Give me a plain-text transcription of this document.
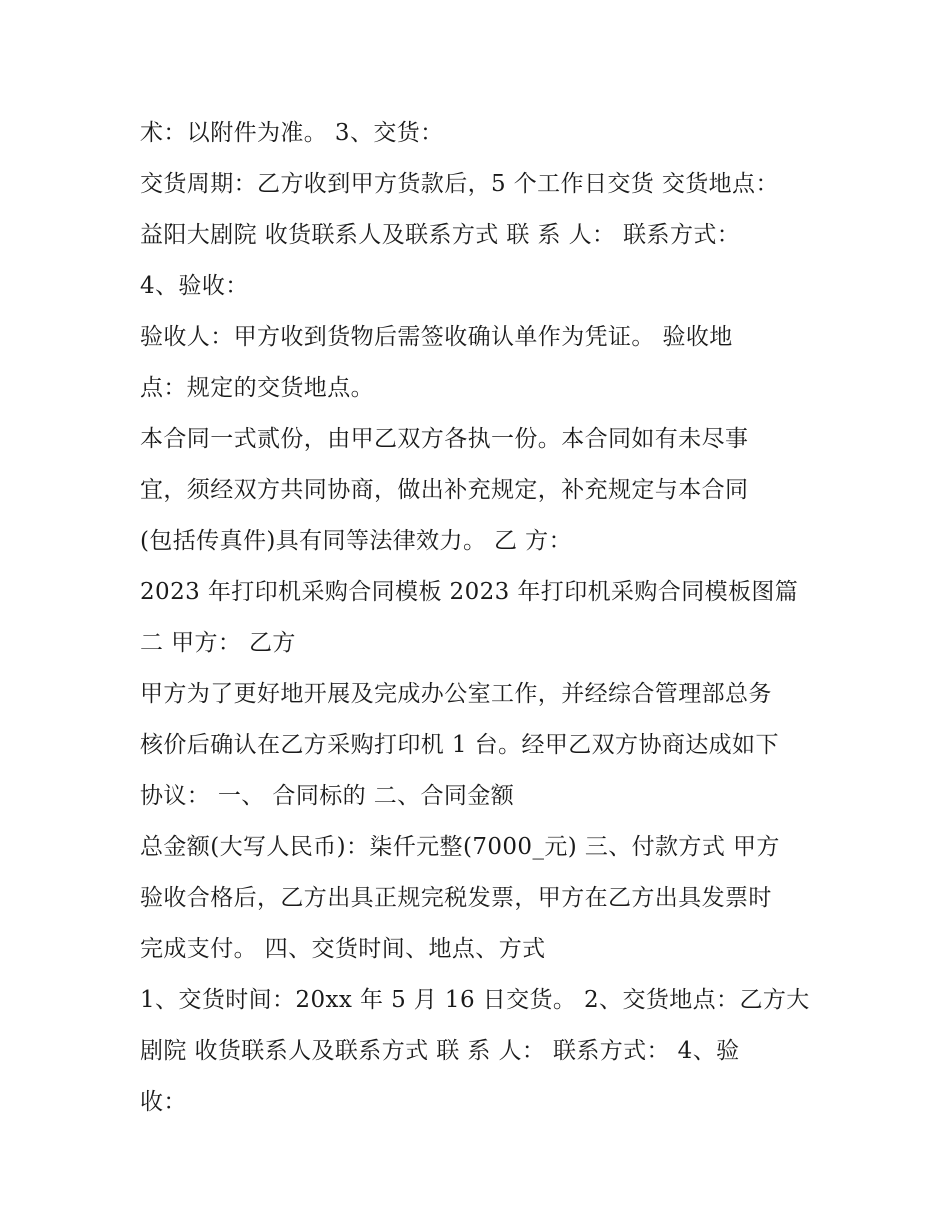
术：以附件为准。 3、交货：
交货周期：乙方收到甲方货款后，5 个工作日交货 交货地点：
益阳大剧院 收货联系人及联系方式 联 系 人： 联系方式：
4、验收：
验收人：甲方收到货物后需签收确认单作为凭证。 验收地
点：规定的交货地点。
本合同一式贰份，由甲乙双方各执一份。本合同如有未尽事
宜，须经双方共同协商，做出补充规定，补充规定与本合同
(包括传真件)具有同等法律效力。 乙 方：
2023 年打印机采购合同模板 2023 年打印机采购合同模板图篇
二 甲方： 乙方
甲方为了更好地开展及完成办公室工作，并经综合管理部总务
核价后确认在乙方采购打印机 1 台。经甲乙双方协商达成如下
协议： 一、 合同标的 二、合同金额
总金额(大写人民币)：柒仟元整(7000_元) 三、付款方式 甲方
验收合格后，乙方出具正规完税发票，甲方在乙方出具发票时
完成支付。 四、交货时间、地点、方式
1、交货时间：20xx 年 5 月 16 日交货。 2、交货地点：乙方大
剧院 收货联系人及联系方式 联 系 人： 联系方式： 4、验
收：
